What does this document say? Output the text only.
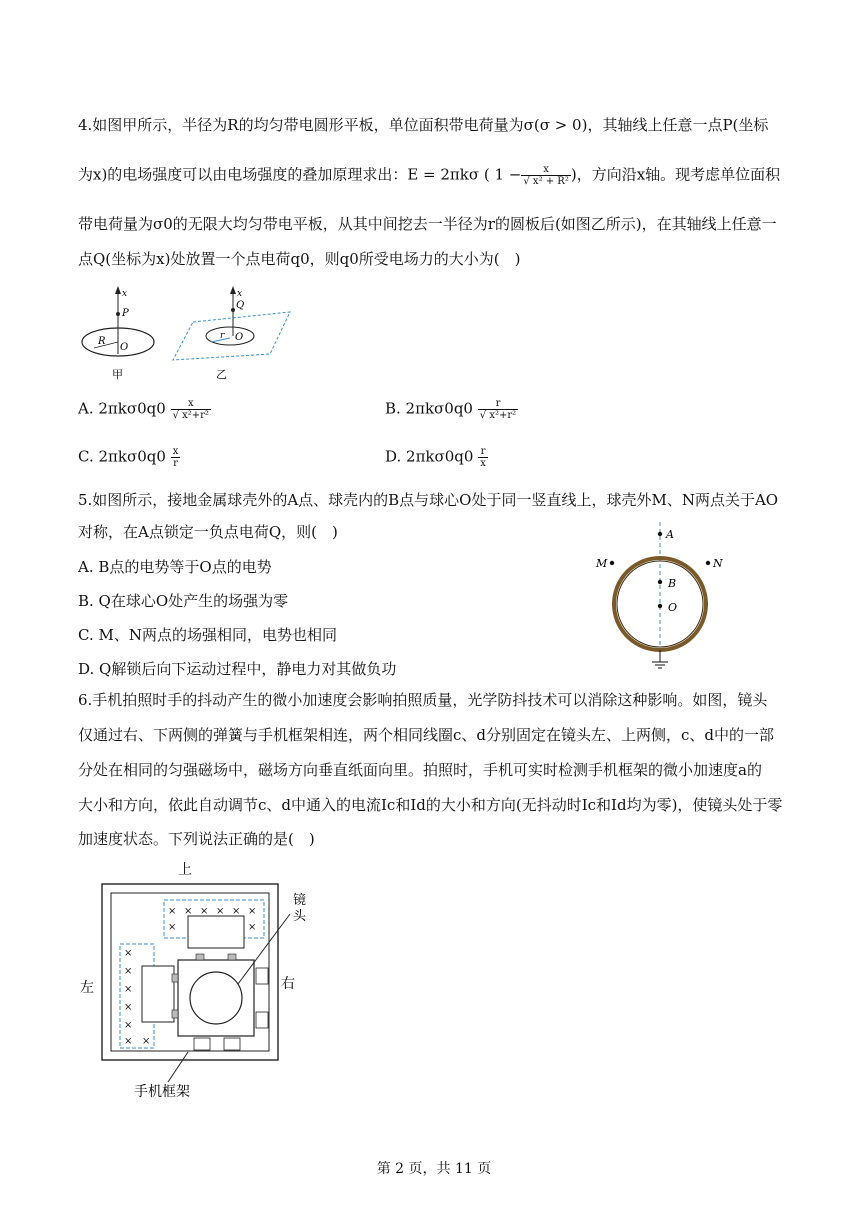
4.如图甲所示，半径为R的均匀带电圆形平板，单位面积带电荷量为σ(σ > 0)，其轴线上任意一点P(坐标
为x)的电场强度可以由电场强度的叠加原理求出：E = 2πkσ ( $1 - \frac{x}{\text{√ x² + R²}}$ )，方向沿x轴。现考虑单位面积
带电荷量为σ0的无限大均匀带电平板，从其中间挖去一半径为r的圆板后(如图乙所示)，在其轴线上任意一
点Q(坐标为x)处放置一个点电荷q0，则q0所受电场力的大小为(　)
x
P
R
O
甲
x
Q
r O
乙
A. $2\pi k\sigma 0q0 \frac{x}{\text{√ x²+r²}}$	B. $2\pi k\sigma 0q0 \frac{r}{\text{√ x²+r²}}$
C. $2\pi k\sigma 0q0 \frac{x}{r}$	D. $2\pi k\sigma 0q0 \frac{r}{x}$
5.如图所示，接地金属球壳外的A点、球壳内的B点与球心O处于同一竖直线上，球壳外M、N两点关于AO
对称，在A点锁定一负点电荷Q，则(　)
A. B点的电势等于O点的电势
B. Q在球心O处产生的场强为零
C. M、N两点的场强相同，电势也相同
D. Q解锁后向下运动过程中，静电力对其做负功
A
M	N
B
O
6.手机拍照时手的抖动产生的微小加速度会影响拍照质量，光学防抖技术可以消除这种影响。如图，镜头
仅通过右、下两侧的弹簧与手机框架相连，两个相同线圈c、d分别固定在镜头左、上两侧，c、d中的一部
分处在相同的匀强磁场中，磁场方向垂直纸面向里。拍照时，手机可实时检测手机框架的微小加速度a的
大小和方向，依此自动调节c、d中通入的电流Ic和Id的大小和方向(无抖动时Ic和Id均为零)，使镜头处于零
加速度状态。下列说法正确的是(　)
上
左	右
镜
头
手机框架
× × × × × ×
×	×
×
×
×
×
×
× ×
第 2 页，共 11 页
